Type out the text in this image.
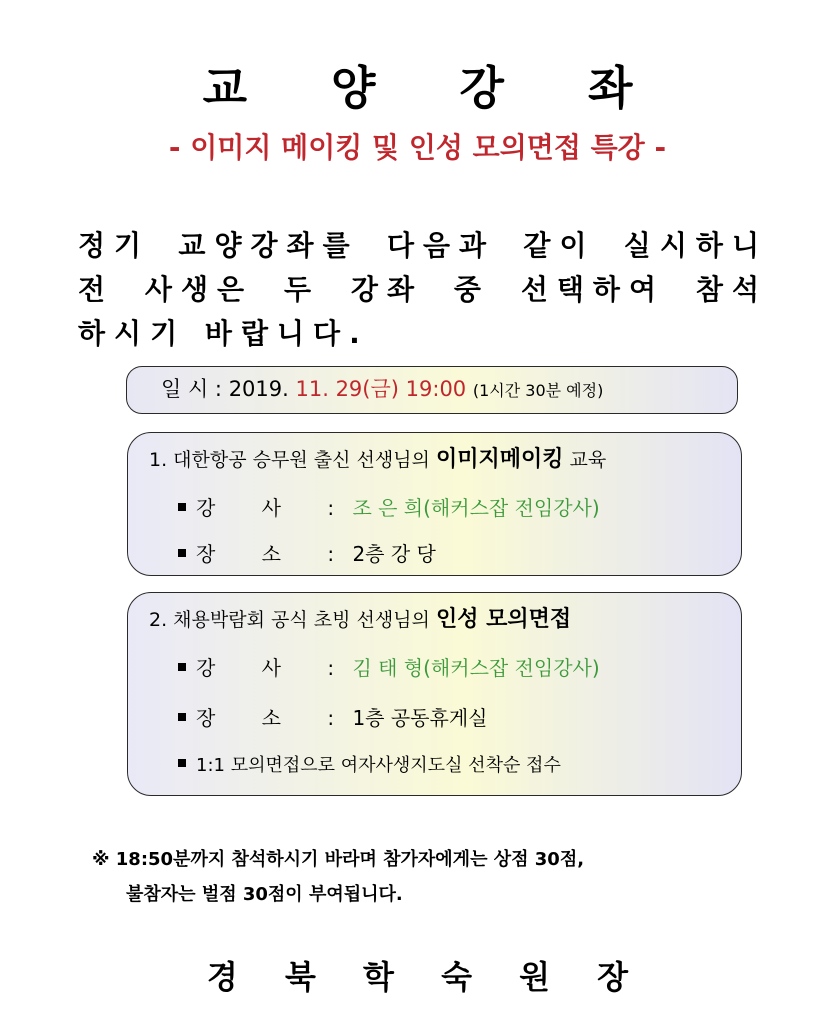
교 양 강 좌
- 이미지 메이킹 및 인성 모의면접 특강 -
정기 교양강좌를 다음과 같이 실시하니
전 사생은 두 강좌 중 선택하여 참석
하시기 바랍니다.
일 시 : 2019. 11. 29(금) 19:00 (1시간 30분 예정)
1. 대한항공 승무원 출신 선생님의 이미지메이킹 교육
강 사 : 조 은 희(해커스잡 전임강사)
장 소 : 2층 강 당
2. 채용박람회 공식 초빙 선생님의 인성 모의면접
강 사 : 김 태 형(해커스잡 전임강사)
장 소 : 1층 공동휴게실
1:1 모의면접으로 여자사생지도실 선착순 접수
※ 18:50분까지 참석하시기 바라며 참가자에게는 상점 30점,
불참자는 벌점 30점이 부여됩니다.
경 북 학 숙 원 장
